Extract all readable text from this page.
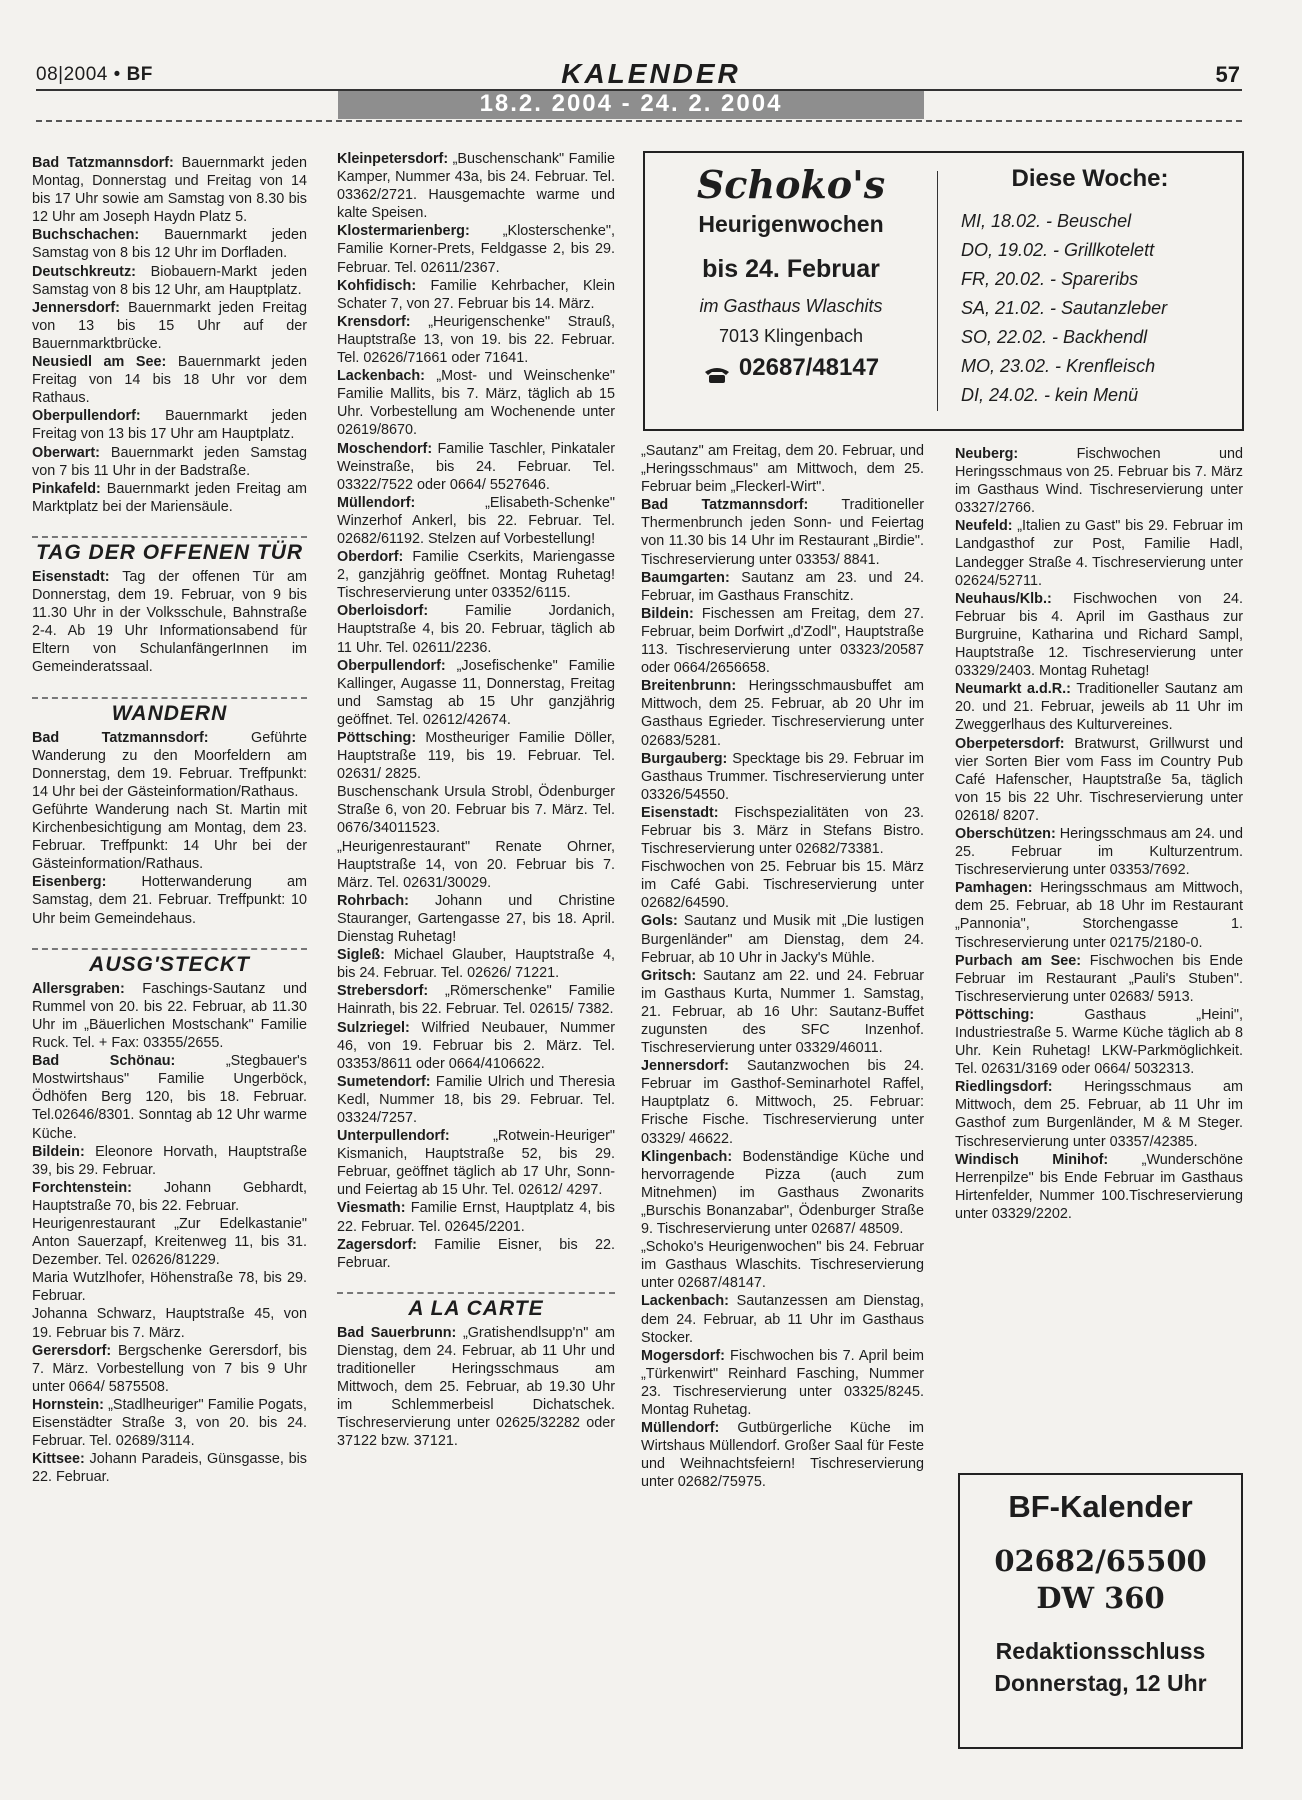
08|2004 • BF	KALENDER	57
18.2. 2004 - 24. 2. 2004

Bad Tatzmannsdorf: Bauernmarkt jeden Montag, Donnerstag und Freitag von 14 bis 17 Uhr sowie am Samstag von 8.30 bis 12 Uhr am Joseph Haydn Platz 5.

Buchschachen: Bauernmarkt jeden Samstag von 8 bis 12 Uhr im Dorfladen.

Deutschkreutz: Biobauern-Markt jeden Samstag von 8 bis 12 Uhr, am Hauptplatz.

Jennersdorf: Bauernmarkt jeden Freitag von 13 bis 15 Uhr auf der Bauernmarktbrücke.

Neusiedl am See: Bauernmarkt jeden Freitag von 14 bis 18 Uhr vor dem Rathaus.

Oberpullendorf: Bauernmarkt jeden Freitag von 13 bis 17 Uhr am Hauptplatz.

Oberwart: Bauernmarkt jeden Samstag von 7 bis 11 Uhr in der Badstraße.

Pinkafeld: Bauernmarkt jeden Freitag am Marktplatz bei der Mariensäule.

TAG DER OFFENEN TÜR

Eisenstadt: Tag der offenen Tür am Donnerstag, dem 19. Februar, von 9 bis 11.30 Uhr in der Volksschule, Bahnstraße 2-4. Ab 19 Uhr Informationsabend für Eltern von SchulanfängerInnen im Gemeinderatssaal.

WANDERN

Bad Tatzmannsdorf: Geführte Wanderung zu den Moorfeldern am Donnerstag, dem 19. Februar. Treffpunkt: 14 Uhr bei der Gästeinformation/Rathaus.

Geführte Wanderung nach St. Martin mit Kirchenbesichtigung am Montag, dem 23. Februar. Treffpunkt: 14 Uhr bei der Gästeinformation/Rathaus.

Eisenberg: Hotterwanderung am Samstag, dem 21. Februar. Treffpunkt: 10 Uhr beim Gemeindehaus.

AUSG'STECKT

Allersgraben: Faschings-Sautanz und Rummel von 20. bis 22. Februar, ab 11.30 Uhr im „Bäuerlichen Mostschank" Familie Ruck. Tel. + Fax: 03355/2655.

Bad Schönau: „Stegbauer's Mostwirtshaus" Familie Ungerböck, Ödhöfen Berg 120, bis 18. Februar. Tel.02646/8301. Sonntag ab 12 Uhr warme Küche.

Bildein: Eleonore Horvath, Hauptstraße 39, bis 29. Februar.

Forchtenstein: Johann Gebhardt, Hauptstraße 70, bis 22. Februar.

Heurigenrestaurant „Zur Edelkastanie" Anton Sauerzapf, Kreitenweg 11, bis 31. Dezember. Tel. 02626/81229.

Maria Wutzlhofer, Höhenstraße 78, bis 29. Februar.

Johanna Schwarz, Hauptstraße 45, von 19. Februar bis 7. März.

Gerersdorf: Bergschenke Gerersdorf, bis 7. März. Vorbestellung von 7 bis 9 Uhr unter 0664/ 5875508.

Hornstein: „Stadlheuriger" Familie Pogats, Eisenstädter Straße 3, von 20. bis 24. Februar. Tel. 02689/3114.

Kittsee: Johann Paradeis, Günsgasse, bis 22. Februar.

Kleinpetersdorf: „Buschenschank" Familie Kamper, Nummer 43a, bis 24. Februar. Tel. 03362/2721. Hausgemachte warme und kalte Speisen.

Klostermarienberg: „Klosterschenke", Familie Korner-Prets, Feldgasse 2, bis 29. Februar. Tel. 02611/2367.

Kohfidisch: Familie Kehrbacher, Klein Schater 7, von 27. Februar bis 14. März.

Krensdorf: „Heurigenschenke" Strauß, Hauptstraße 13, von 19. bis 22. Februar. Tel. 02626/71661 oder 71641.

Lackenbach: „Most- und Weinschenke" Familie Mallits, bis 7. März, täglich ab 15 Uhr. Vorbestellung am Wochenende unter 02619/8670.

Moschendorf: Familie Taschler, Pinkataler Weinstraße, bis 24. Februar. Tel. 03322/7522 oder 0664/ 5527646.

Müllendorf: „Elisabeth-Schenke" Winzerhof Ankerl, bis 22. Februar. Tel. 02682/61192. Stelzen auf Vorbestellung!

Oberdorf: Familie Cserkits, Mariengasse 2, ganzjährig geöffnet. Montag Ruhetag! Tischreservierung unter 03352/6115.

Oberloisdorf: Familie Jordanich, Hauptstraße 4, bis 20. Februar, täglich ab 11 Uhr. Tel. 02611/2236.

Oberpullendorf: „Josefischenke" Familie Kallinger, Augasse 11, Donnerstag, Freitag und Samstag ab 15 Uhr ganzjährig geöffnet. Tel. 02612/42674.

Pöttsching: Mostheuriger Familie Döller, Hauptstraße 119, bis 19. Februar. Tel. 02631/ 2825.

Buschenschank Ursula Strobl, Ödenburger Straße 6, von 20. Februar bis 7. März. Tel. 0676/34011523.

„Heurigenrestaurant" Renate Ohrner, Hauptstraße 14, von 20. Februar bis 7. März. Tel. 02631/30029.

Rohrbach: Johann und Christine Stauranger, Gartengasse 27, bis 18. April. Dienstag Ruhetag!

Sigleß: Michael Glauber, Hauptstraße 4, bis 24. Februar. Tel. 02626/ 71221.

Strebersdorf: „Römerschenke" Familie Hainrath, bis 22. Februar. Tel. 02615/ 7382.

Sulzriegel: Wilfried Neubauer, Nummer 46, von 19. Februar bis 2. März. Tel. 03353/8611 oder 0664/4106622.

Sumetendorf: Familie Ulrich und Theresia Kedl, Nummer 18, bis 29. Februar. Tel. 03324/7257.

Unterpullendorf: „Rotwein-Heuriger" Kismanich, Hauptstraße 52, bis 29. Februar, geöffnet täglich ab 17 Uhr, Sonn- und Feiertag ab 15 Uhr. Tel. 02612/ 4297.

Viesmath: Familie Ernst, Hauptplatz 4, bis 22. Februar. Tel. 02645/2201.

Zagersdorf: Familie Eisner, bis 22. Februar.

A LA CARTE

Bad Sauerbrunn: „Gratishendlsupp'n" am Dienstag, dem 24. Februar, ab 11 Uhr und traditioneller Heringsschmaus am Mittwoch, dem 25. Februar, ab 19.30 Uhr im Schlemmerbeisl Dichatschek. Tischreservierung unter 02625/32282 oder 37122 bzw. 37121.

Schoko's
Heurigenwochen
bis 24. Februar
im Gasthaus Wlaschits
7013 Klingenbach
02687/48147
Diese Woche:
MI, 18.02. - Beuschel
DO, 19.02. - Grillkotelett
FR, 20.02. - Spareribs
SA, 21.02. - Sautanzleber
SO, 22.02. - Backhendl
MO, 23.02. - Krenfleisch
DI, 24.02. - kein Menü

„Sautanz" am Freitag, dem 20. Februar, und „Heringsschmaus" am Mittwoch, dem 25. Februar beim „Fleckerl-Wirt".

Bad Tatzmannsdorf: Traditioneller Thermenbrunch jeden Sonn- und Feiertag von 11.30 bis 14 Uhr im Restaurant „Birdie". Tischreservierung unter 03353/ 8841.

Baumgarten: Sautanz am 23. und 24. Februar, im Gasthaus Franschitz.

Bildein: Fischessen am Freitag, dem 27. Februar, beim Dorfwirt „d'Zodl", Hauptstraße 113. Tischreservierung unter 03323/20587 oder 0664/2656658.

Breitenbrunn: Heringsschmausbuffet am Mittwoch, dem 25. Februar, ab 20 Uhr im Gasthaus Egrieder. Tischreservierung unter 02683/5281.

Burgauberg: Specktage bis 29. Februar im Gasthaus Trummer. Tischreservierung unter 03326/54550.

Eisenstadt: Fischspezialitäten von 23. Februar bis 3. März in Stefans Bistro. Tischreservierung unter 02682/73381.

Fischwochen von 25. Februar bis 15. März im Café Gabi. Tischreservierung unter 02682/64590.

Gols: Sautanz und Musik mit „Die lustigen Burgenländer" am Dienstag, dem 24. Februar, ab 10 Uhr in Jacky's Mühle.

Gritsch: Sautanz am 22. und 24. Februar im Gasthaus Kurta, Nummer 1. Samstag, 21. Februar, ab 16 Uhr: Sautanz-Buffet zugunsten des SFC Inzenhof. Tischreservierung unter 03329/46011.

Jennersdorf: Sautanzwochen bis 24. Februar im Gasthof-Seminarhotel Raffel, Hauptplatz 6. Mittwoch, 25. Februar: Frische Fische. Tischreservierung unter 03329/ 46622.

Klingenbach: Bodenständige Küche und hervorragende Pizza (auch zum Mitnehmen) im Gasthaus Zwonarits „Burschis Bonanzabar", Ödenburger Straße 9. Tischreservierung unter 02687/ 48509.

„Schoko's Heurigenwochen" bis 24. Februar im Gasthaus Wlaschits. Tischreservierung unter 02687/48147.

Lackenbach: Sautanzessen am Dienstag, dem 24. Februar, ab 11 Uhr im Gasthaus Stocker.

Mogersdorf: Fischwochen bis 7. April beim „Türkenwirt" Reinhard Fasching, Nummer 23. Tischreservierung unter 03325/8245. Montag Ruhetag.

Müllendorf: Gutbürgerliche Küche im Wirtshaus Müllendorf. Großer Saal für Feste und Weihnachtsfeiern! Tischreservierung unter 02682/75975.

Neuberg: Fischwochen und Heringsschmaus von 25. Februar bis 7. März im Gasthaus Wind. Tischreservierung unter 03327/2766.

Neufeld: „Italien zu Gast" bis 29. Februar im Landgasthof zur Post, Familie Hadl, Landegger Straße 4. Tischreservierung unter 02624/52711.

Neuhaus/Klb.: Fischwochen von 24. Februar bis 4. April im Gasthaus zur Burgruine, Katharina und Richard Sampl, Hauptstraße 12. Tischreservierung unter 03329/2403. Montag Ruhetag!

Neumarkt a.d.R.: Traditioneller Sautanz am 20. und 21. Februar, jeweils ab 11 Uhr im Zweggerlhaus des Kulturvereines.

Oberpetersdorf: Bratwurst, Grillwurst und vier Sorten Bier vom Fass im Country Pub Café Hafenscher, Hauptstraße 5a, täglich von 15 bis 22 Uhr. Tischreservierung unter 02618/ 8207.

Oberschützen: Heringsschmaus am 24. und 25. Februar im Kulturzentrum. Tischreservierung unter 03353/7692.

Pamhagen: Heringsschmaus am Mittwoch, dem 25. Februar, ab 18 Uhr im Restaurant „Pannonia", Storchengasse 1. Tischreservierung unter 02175/2180-0.

Purbach am See: Fischwochen bis Ende Februar im Restaurant „Pauli's Stuben". Tischreservierung unter 02683/ 5913.

Pöttsching: Gasthaus „Heini", Industriestraße 5. Warme Küche täglich ab 8 Uhr. Kein Ruhetag! LKW-Parkmöglichkeit. Tel. 02631/3169 oder 0664/ 5032313.

Riedlingsdorf: Heringsschmaus am Mittwoch, dem 25. Februar, ab 11 Uhr im Gasthof zum Burgenländer, M & M Steger. Tischreservierung unter 03357/42385.

Windisch Minihof: „Wunderschöne Herrenpilze" bis Ende Februar im Gasthaus Hirtenfelder, Nummer 100.Tischreservierung unter 03329/2202.

BF-Kalender
02682/65500
DW 360
Redaktionsschluss
Donnerstag, 12 Uhr
